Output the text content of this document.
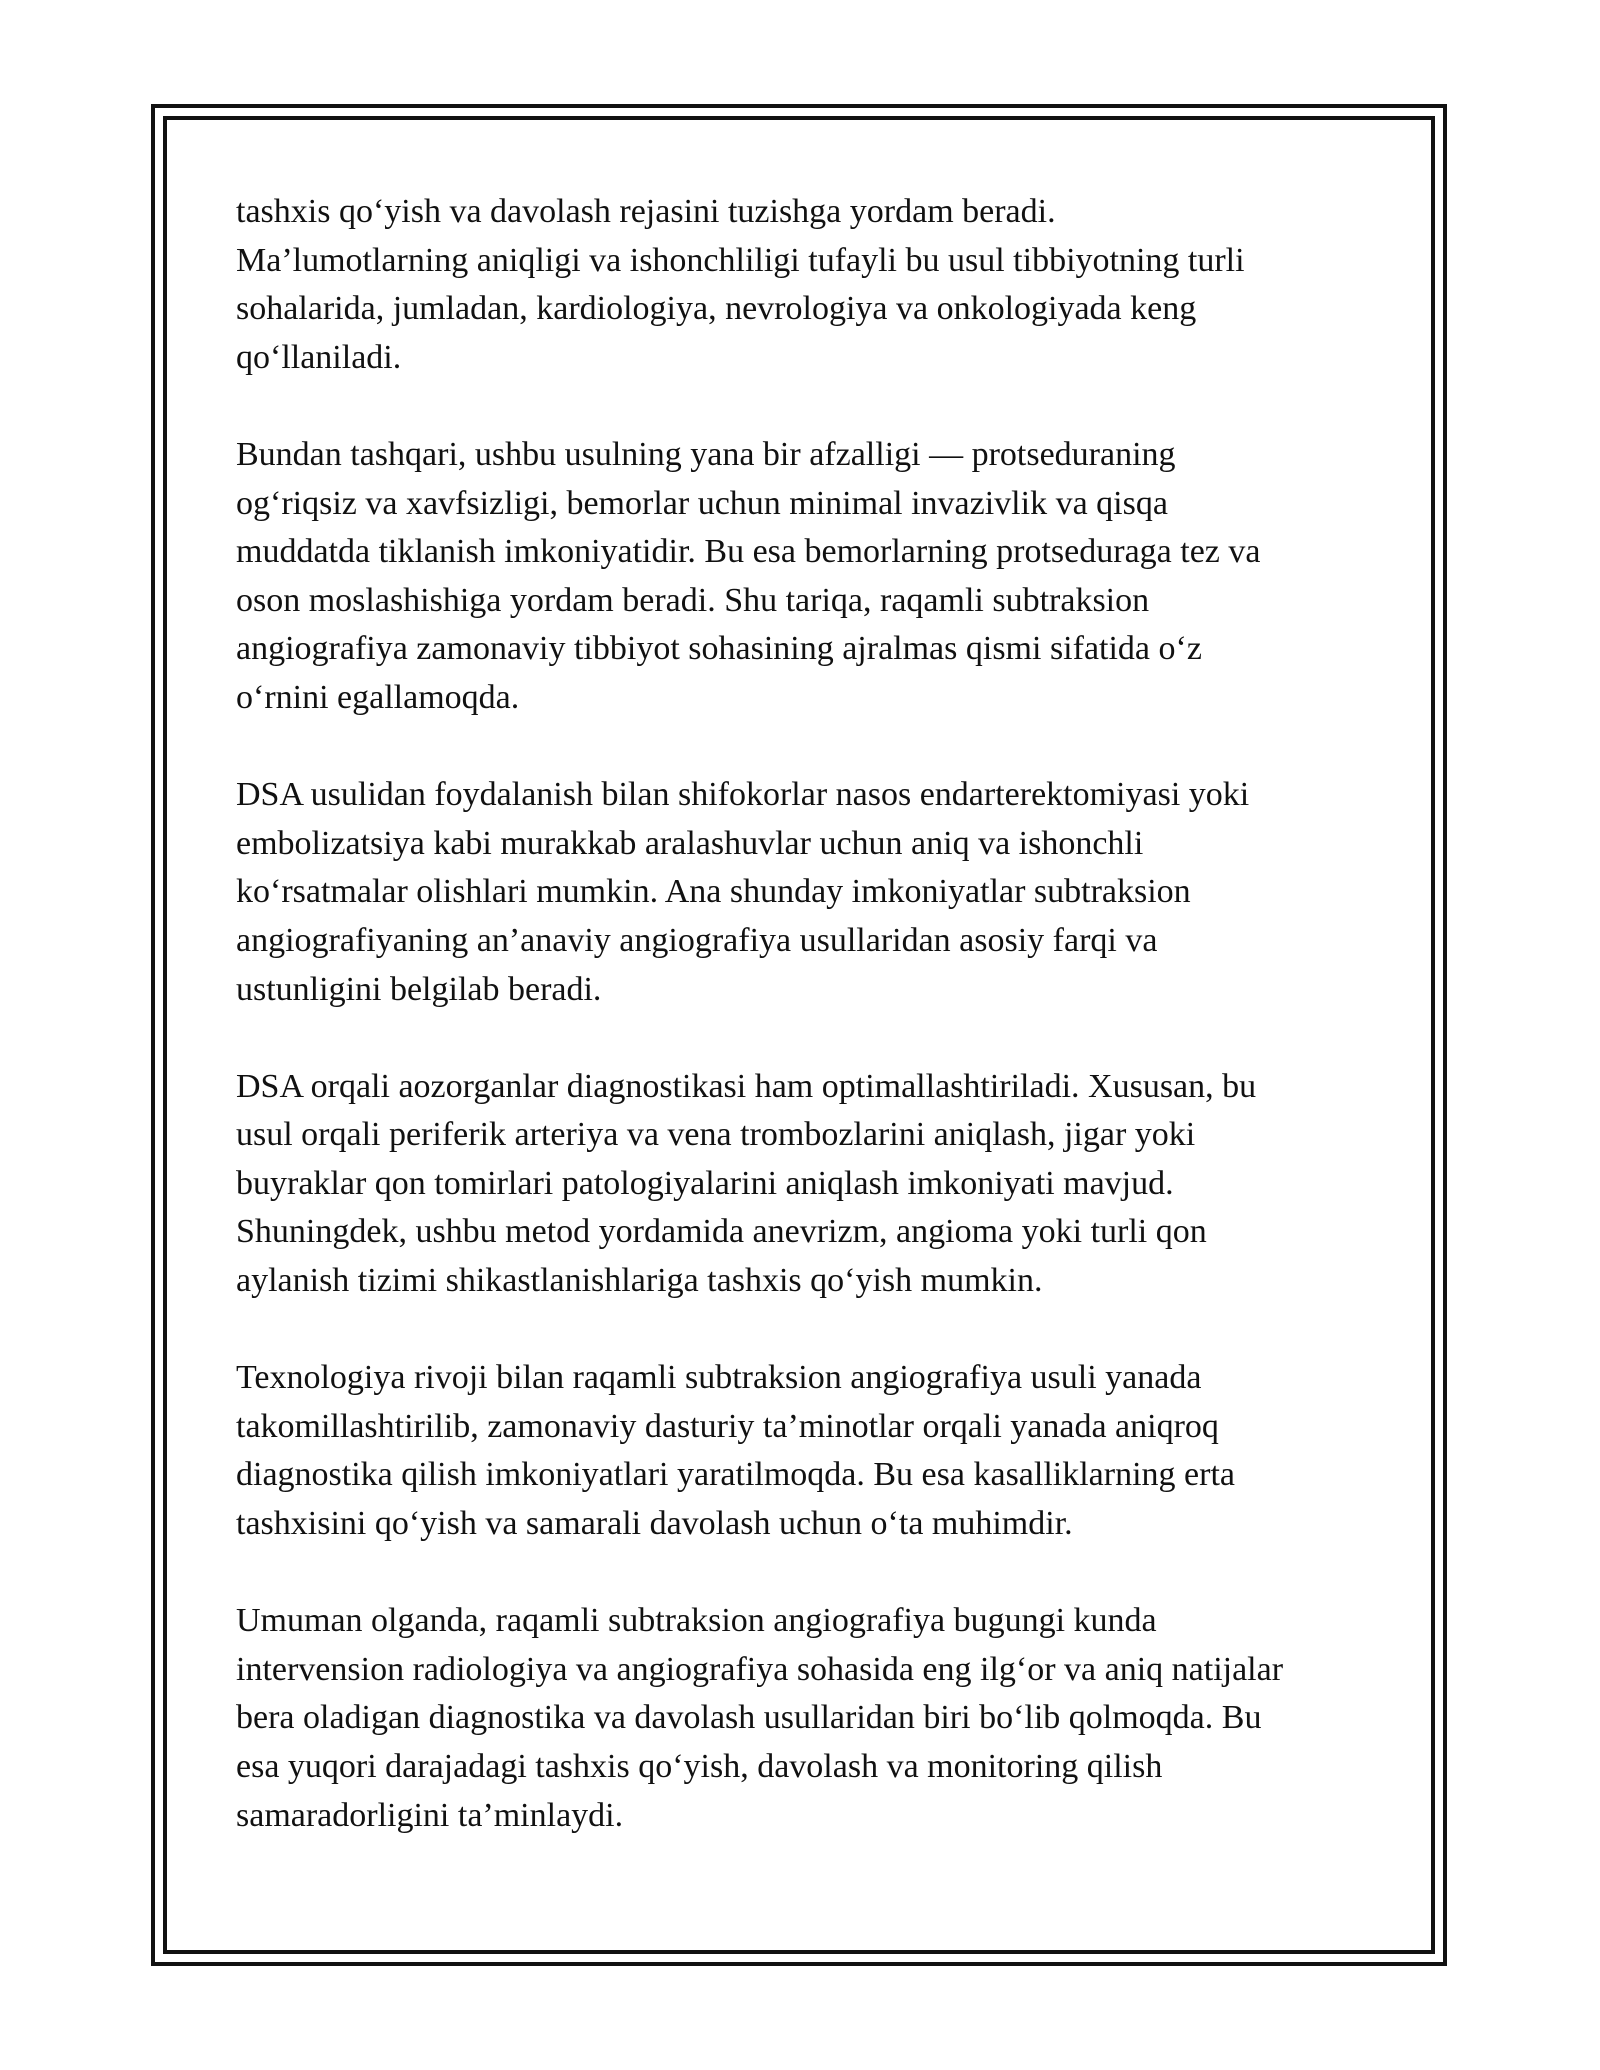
tashxis qo‘yish va davolash rejasini tuzishga yordam beradi.
Ma’lumotlarning aniqligi va ishonchliligi tufayli bu usul tibbiyotning turli
sohalarida, jumladan, kardiologiya, nevrologiya va onkologiyada keng
qo‘llaniladi.

Bundan tashqari, ushbu usulning yana bir afzalligi — protseduraning
og‘riqsiz va xavfsizligi, bemorlar uchun minimal invazivlik va qisqa
muddatda tiklanish imkoniyatidir. Bu esa bemorlarning protseduraga tez va
oson moslashishiga yordam beradi. Shu tariqa, raqamli subtraksion
angiografiya zamonaviy tibbiyot sohasining ajralmas qismi sifatida o‘z
o‘rnini egallamoqda.

DSA usulidan foydalanish bilan shifokorlar nasos endarterektomiyasi yoki
embolizatsiya kabi murakkab aralashuvlar uchun aniq va ishonchli
ko‘rsatmalar olishlari mumkin. Ana shunday imkoniyatlar subtraksion
angiografiyaning an’anaviy angiografiya usullaridan asosiy farqi va
ustunligini belgilab beradi.

DSA orqali aozorganlar diagnostikasi ham optimallashtiriladi. Xususan, bu
usul orqali periferik arteriya va vena trombozlarini aniqlash, jigar yoki
buyraklar qon tomirlari patologiyalarini aniqlash imkoniyati mavjud.
Shuningdek, ushbu metod yordamida anevrizm, angioma yoki turli qon
aylanish tizimi shikastlanishlariga tashxis qo‘yish mumkin.

Texnologiya rivoji bilan raqamli subtraksion angiografiya usuli yanada
takomillashtirilib, zamonaviy dasturiy ta’minotlar orqali yanada aniqroq
diagnostika qilish imkoniyatlari yaratilmoqda. Bu esa kasalliklarning erta
tashxisini qo‘yish va samarali davolash uchun o‘ta muhimdir.

Umuman olganda, raqamli subtraksion angiografiya bugungi kunda
intervension radiologiya va angiografiya sohasida eng ilg‘or va aniq natijalar
bera oladigan diagnostika va davolash usullaridan biri bo‘lib qolmoqda. Bu
esa yuqori darajadagi tashxis qo‘yish, davolash va monitoring qilish
samaradorligini ta’minlaydi.
